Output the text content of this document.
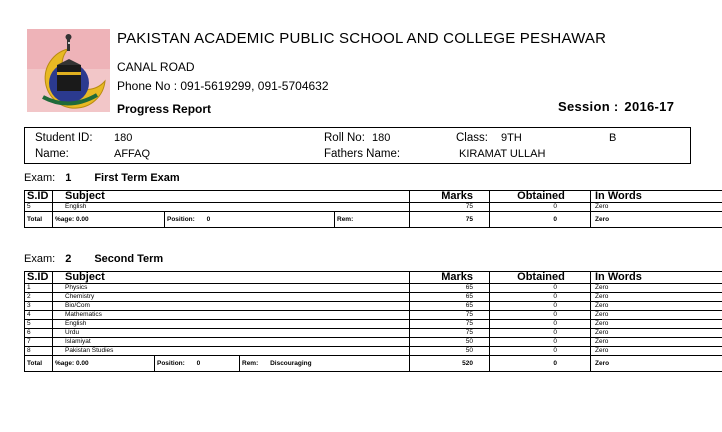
PAKISTAN ACADEMIC PUBLIC SCHOOL AND COLLEGE PESHAWAR
CANAL ROAD
Phone No : 091-5619299, 091-5704632
Progress Report	Session : 2016-17
Student ID: 180
Name:	AFFAQ
Roll No: 180
Fathers Name:	KIRAMAT ULLAH
Class: 9TH	B
Exam: 1 First Term Exam
S.ID	Subject			Marks	Obtained	In Words
5	English			75	0	Zero
Total	%age: 0.00	Position: 0	Rem:	75	0	Zero
Exam: 2 Second Term
S.ID	Subject			Marks	Obtained	In Words
1	Physics			65	0	Zero
2	Chemistry			65	0	Zero
3	Bio/Com			65	0	Zero
4	Mathematics			75	0	Zero
5	English			75	0	Zero
6	Urdu			75	0	Zero
7	Islamiyat			50	0	Zero
8	Pakistan Studies			50	0	Zero
Total	%age: 0.00	Position: 0	Rem: Discouraging	520	0	Zero
